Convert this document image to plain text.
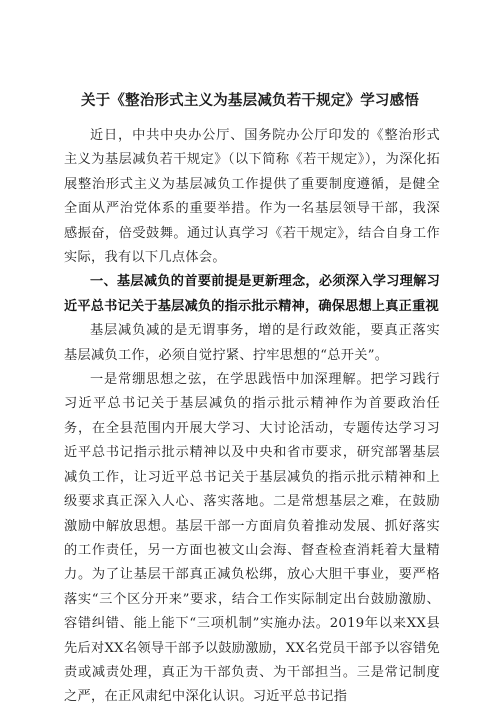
关于《整治形式主义为基层减负若干规定》学习感悟

近日，中共中央办公厅、国务院办公厅印发的《整治形式主义为基层减负若干规定》（以下简称《若干规定》），为深化拓展整治形式主义为基层减负工作提供了重要制度遵循，是健全全面从严治党体系的重要举措。作为一名基层领导干部，我深感振奋，倍受鼓舞。通过认真学习《若干规定》，结合自身工作实际，我有以下几点体会。

一、基层减负的首要前提是更新理念，必须深入学习理解习近平总书记关于基层减负的指示批示精神，确保思想上真正重视

基层减负减的是无谓事务，增的是行政效能，要真正落实基层减负工作，必须自觉拧紧、拧牢思想的“总开关”。

一是常绷思想之弦，在学思践悟中加深理解。把学习践行习近平总书记关于基层减负的指示批示精神作为首要政治任务，在全县范围内开展大学习、大讨论活动，专题传达学习习近平总书记指示批示精神以及中央和省市要求，研究部署基层减负工作，让习近平总书记关于基层减负的指示批示精神和上级要求真正深入人心、落实落地。二是常想基层之难，在鼓励激励中解放思想。基层干部一方面肩负着推动发展、抓好落实的工作责任，另一方面也被文山会海、督查检查消耗着大量精力。为了让基层干部真正减负松绑，放心大胆干事业，要严格落实“三个区分开来”要求，结合工作实际制定出台鼓励激励、容错纠错、能上能下“三项机制”实施办法。2019年以来XX县先后对XX名领导干部予以鼓励激励，XX名党员干部予以容错免责或减责处理，真正为干部负责、为干部担当。三是常记制度之严，在正风肃纪中深化认识。习近平总书记指
